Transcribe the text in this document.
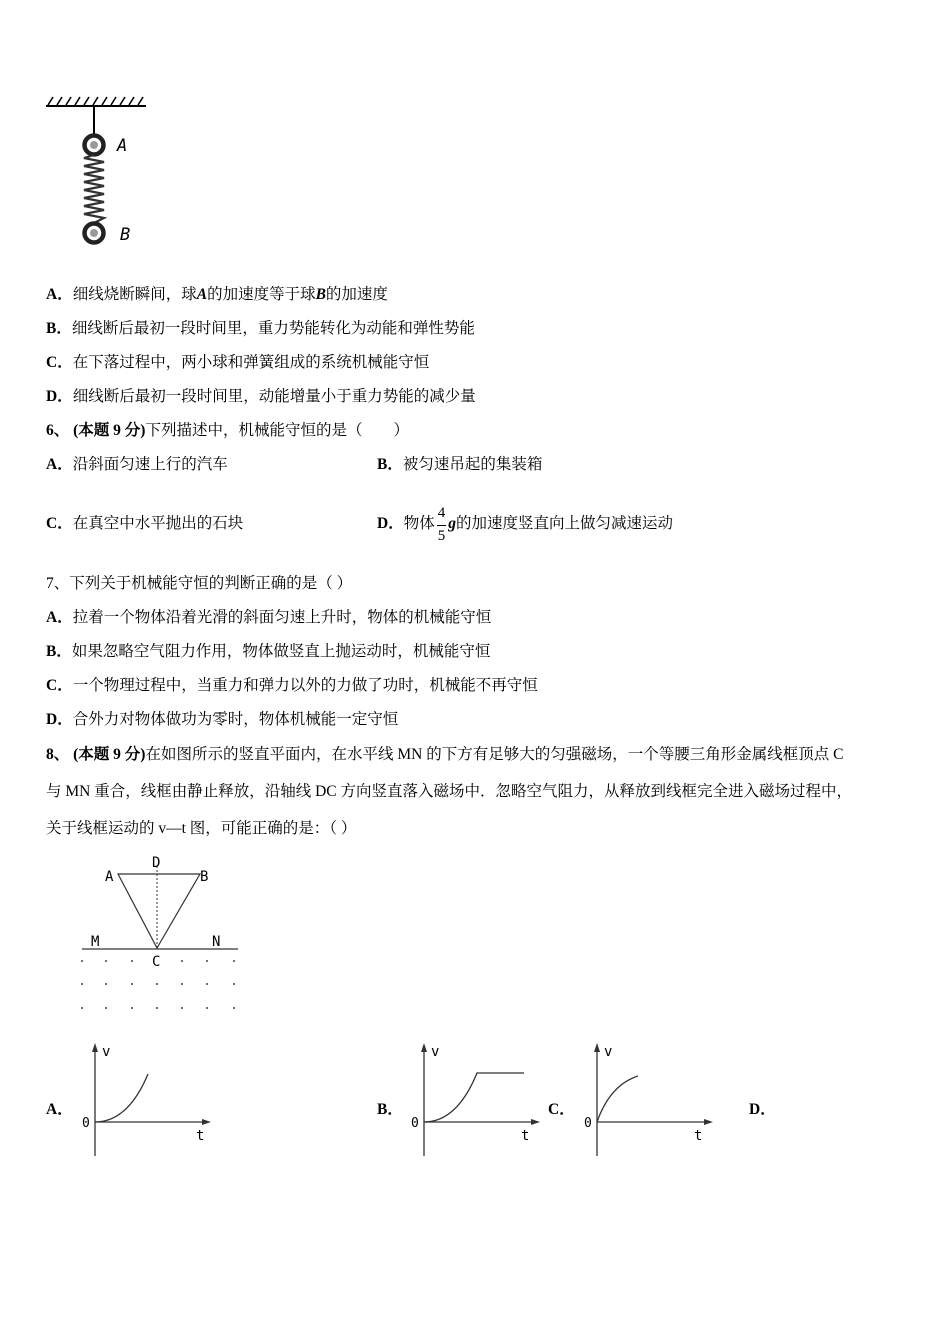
A
B
A．细线烧断瞬间，球A的加速度等于球B的加速度
B．细线断后最初一段时间里，重力势能转化为动能和弹性势能
C．在下落过程中，两小球和弹簧组成的系统机械能守恒
D．细线断后最初一段时间里，动能增量小于重力势能的减少量
6、 (本题 9 分)下列描述中，机械能守恒的是（　　）
A．沿斜面匀速上行的汽车	B．被匀速吊起的集装箱
C．在真空中水平抛出的石块	D．物体 $\frac{4}{5}$ g的加速度竖直向上做匀减速运动
7、下列关于机械能守恒的判断正确的是（ ）
A．拉着一个物体沿着光滑的斜面匀速上升时，物体的机械能守恒
B．如果忽略空气阻力作用，物体做竖直上抛运动时，机械能守恒
C．一个物理过程中，当重力和弹力以外的力做了功时，机械能不再守恒
D．合外力对物体做功为零时，物体机械能一定守恒
8、 (本题 9 分)在如图所示的竖直平面内，在水平线 MN 的下方有足够大的匀强磁场，一个等腰三角形金属线框顶点 C
与 MN 重合，线框由静止释放，沿轴线 DC 方向竖直落入磁场中．忽略空气阻力，从释放到线框完全进入磁场过程中，
关于线框运动的 v—t 图，可能正确的是：（ ）
D
A	B
M	N
C
A．	B．	C．	D．
v
t
0
v
t
0
v
t
0
